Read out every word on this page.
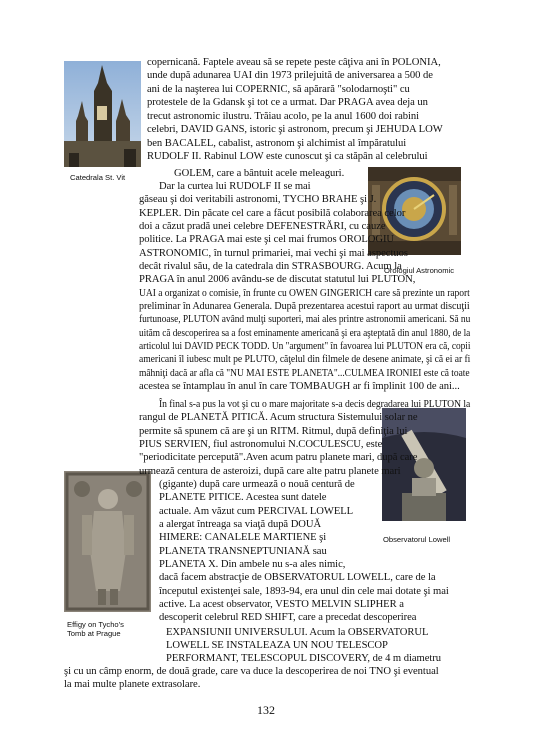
Catedrala St. Vit
Orologiul Astronomic
Observatorul Lowell
Effigy on Tycho's
Tomb at Prague
copernicană. Faptele aveau să se repete peste câţiva ani în POLONIA,
unde după adunarea UAI din 1973 prilejuită de aniversarea a 500 de
ani de la naşterea lui COPERNIC, să apărară "solodarnoşti" cu
protestele de la Gdansk şi tot ce a urmat. Dar PRAGA avea deja un
trecut astronomic ilustru. Trăiau acolo, pe la anul 1600 doi rabini
celebri, DAVID GANS, istoric şi astronom, precum şi JEHUDA LOW
ben BACALEL, cabalist, astronom şi alchimist al împăratului
RUDOLF II. Rabinul LOW este cunoscut şi ca stăpân al celebrului
GOLEM, care a bântuit acele meleaguri.
Dar la curtea lui RUDOLF II se mai
găseau şi doi veritabili astronomi, TYCHO BRAHE şi J.
KEPLER. Din păcate cel care a făcut posibilă colaborarea celor
doi a căzut pradă unei celebre DEFENESTRĂRI, cu cauze
politice. La PRAGA mai este şi cel mai frumos OROLOGIU
ASTRONOMIC, în turnul primariei, mai vechi şi mai aspectuos
decât rivalul său, de la catedrala din STRASBOURG. Acum la
PRAGA în anul 2006 avându-se de discutat statutul lui PLUTON,
UAI a organizat o comisie, în frunte cu OWEN GINGERICH care să prezinte un raport
preliminar în Adunarea Generala. După prezentarea acestui raport au urmat discuţii
furtunoase, PLUTON având mulţi suporteri, mai ales printre astronomii americani. Să nu
uităm că descoperirea sa a fost eminamente americană şi era aşteptată din anul 1880, de la
articolul lui DAVID PECK TODD. Un "argument" în favoarea lui PLUTON era că, copii
americani îl iubesc mult pe PLUTO, căţelul din filmele de desene animate, şi că ei ar fi
mâhniţi dacă ar afla că "NU MAI ESTE PLANETA"...CULMEA IRONIEI este că toate
acestea se întamplau în anul în care TOMBAUGH ar fi împlinit 100 de ani...
În final s-a pus la vot şi cu o mare majoritate s-a decis degradarea lui PLUTON la
rangul de PLANETĂ PITICĂ. Acum structura Sistemului solar ne
permite să spunem că are şi un RITM. Ritmul, după definiţia lui
PIUS SERVIEN, fiul astronomului N.COCULESCU, este
"periodicitate percepută".Aven acum patru planete mari, după care
urmează centura de asteroizi, după care alte patru planete mari
(gigante) după care urmează o nouă centură de
PLANETE PITICE. Acestea sunt datele
actuale. Am văzut cum PERCIVAL LOWELL
a alergat întreaga sa viaţă după DOUĂ
HIMERE: CANALELE MARTIENE şi
PLANETA TRANSNEPTUNIANĂ sau
PLANETA X. Din ambele nu s-a ales nimic,
dacă facem abstracţie de OBSERVATORUL LOWELL, care de la
începutul existenţei sale, 1893-94, era unul din cele mai dotate şi mai
active. La acest observator, VESTO MELVIN SLIPHER a
descoperit celebrul RED SHIFT, care a precedat descoperirea
EXPANSIUNII UNIVERSULUI. Acum la OBSERVATORUL
LOWELL SE INSTALEAZA UN NOU TELESCOP
PERFORMANT, TELESCOPUL DISCOVERY, de 4 m diametru
şi cu un câmp enorm, de două grade, care va duce la descoperirea de noi TNO şi eventual
la mai multe planete extrasolare.
132
